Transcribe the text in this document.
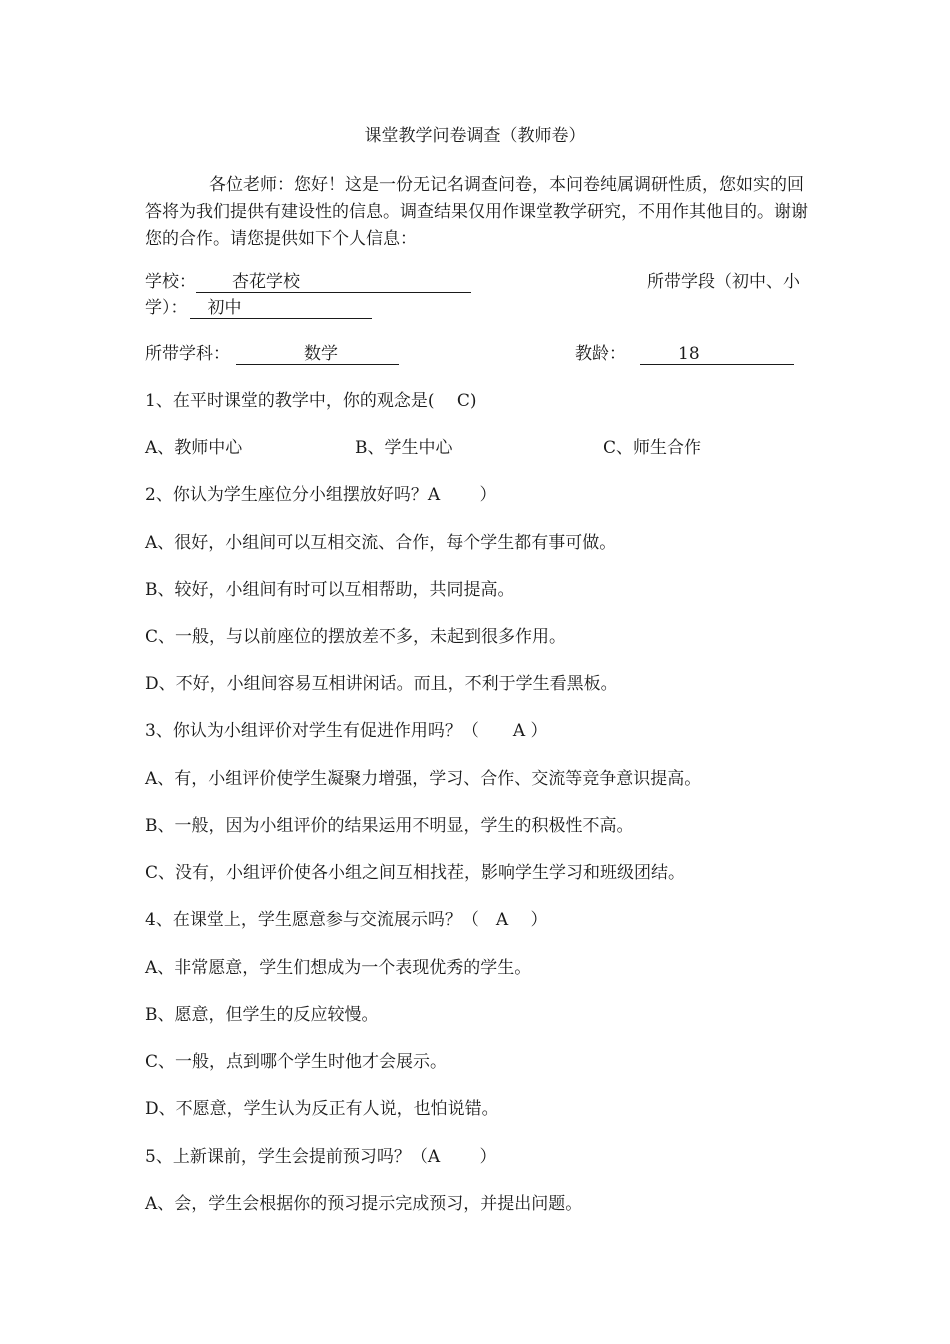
课堂教学问卷调查（教师卷）
各位老师：您好！这是一份无记名调查问卷，本问卷纯属调研性质，您如实的回答将为我们提供有建设性的信息。调查结果仅用作课堂教学研究，不用作其他目的。谢谢您的合作。请您提供如下个人信息：
学校： 杏花学校	所带学段（初中、小
学）： 初中
所带学科：	数学	教龄：	18
1、在平时课堂的教学中，你的观念是(　 C)
A、教师中心	B、学生中心	C、师生合作
2、你认为学生座位分小组摆放好吗？A　　 ）
A、很好，小组间可以互相交流、合作，每个学生都有事可做。
B、较好，小组间有时可以互相帮助，共同提高。
C、一般，与以前座位的摆放差不多，未起到很多作用。
D、不好，小组间容易互相讲闲话。而且，不利于学生看黑板。
3、你认为小组评价对学生有促进作用吗？（　　A ）
A、有，小组评价使学生凝聚力增强，学习、合作、交流等竞争意识提高。
B、一般，因为小组评价的结果运用不明显，学生的积极性不高。
C、没有，小组评价使各小组之间互相找茬，影响学生学习和班级团结。
4、在课堂上，学生愿意参与交流展示吗？（　A　 ）
A、非常愿意，学生们想成为一个表现优秀的学生。
B、愿意，但学生的反应较慢。
C、一般，点到哪个学生时他才会展示。
D、不愿意，学生认为反正有人说，也怕说错。
5、上新课前，学生会提前预习吗？（A　　 ）
A、会，学生会根据你的预习提示完成预习，并提出问题。
